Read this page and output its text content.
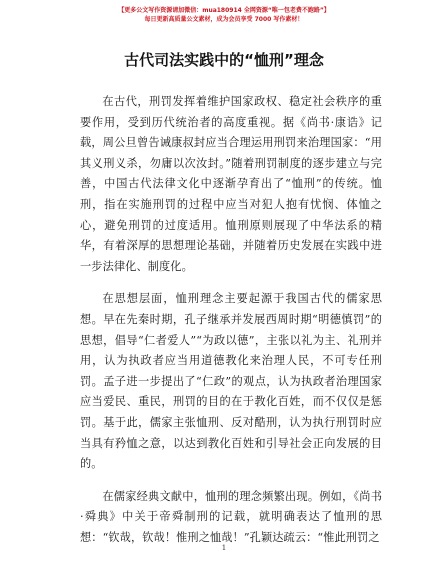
【更多公文写作资源请加微信：mua180914 全网资源“唯一包老费不跑路”】
每日更新高质量公文素材，成为会员享受 7000 写作素材！
古代司法实践中的“恤刑”理念

在古代，刑罚发挥着维护国家政权、稳定社会秩序的重要作用，受到历代统治者的高度重视。据《尚书·康诰》记载，周公旦曾告诫康叔封应当合理运用刑罚来治理国家：“用其义刑义杀，勿庸以次汝封。”随着刑罚制度的逐步建立与完善，中国古代法律文化中逐渐孕育出了“恤刑”的传统。恤刑，指在实施刑罚的过程中应当对犯人抱有忧悯、体恤之心，避免刑罚的过度适用。恤刑原则展现了中华法系的精华，有着深厚的思想理论基础，并随着历史发展在实践中进一步法律化、制度化。

在思想层面，恤刑理念主要起源于我国古代的儒家思想。早在先秦时期，孔子继承并发展西周时期“明德慎罚”的思想，倡导“仁者爱人”“为政以德”，主张以礼为主、礼刑并用，认为执政者应当用道德教化来治理人民，不可专任刑罚。孟子进一步提出了“仁政”的观点，认为执政者治理国家应当爱民、重民，刑罚的目的在于教化百姓，而不仅仅是惩罚。基于此，儒家主张恤刑、反对酷刑，认为执行刑罚时应当具有矜恤之意，以达到教化百姓和引导社会正向发展的目的。

在儒家经典文献中，恤刑的理念频繁出现。例如，《尚书·舜典》中关于帝舜制刑的记载，就明确表达了恤刑的思想：“钦哉，钦哉！惟刑之恤哉！”孔颖达疏云：“惟此刑罚之

1
